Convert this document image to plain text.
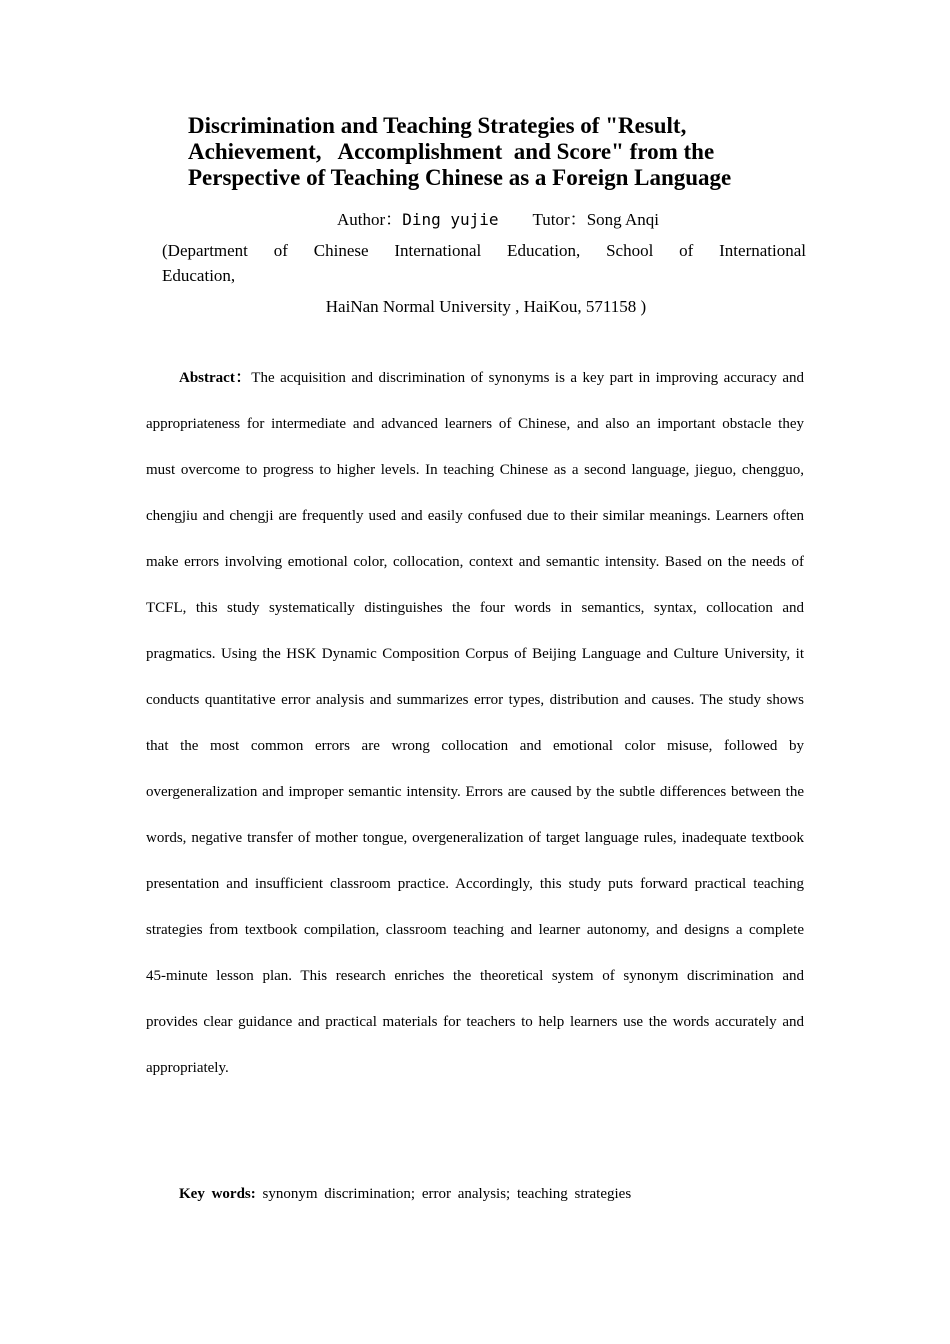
Discrimination and Teaching Strategies of "Result,
Achievement,   Accomplishment  and Score" from the
Perspective of Teaching Chinese as a Foreign Language
Author：Ding yujie Tutor：Song Anqi
(Department of Chinese International Education, School of International
Education,
HaiNan Normal University , HaiKou, 571158 )

Abstract：The acquisition and discrimination of synonyms is a key part in improving accuracy and appropriateness for intermediate and advanced learners of Chinese, and also an important obstacle they must overcome to progress to higher levels. In teaching Chinese as a second language, jieguo, chengguo, chengjiu and chengji are frequently used and easily confused due to their similar meanings. Learners often make errors involving emotional color, collocation, context and semantic intensity. Based on the needs of TCFL, this study systematically distinguishes the four words in semantics, syntax, collocation and pragmatics. Using the HSK Dynamic Composition Corpus of Beijing Language and Culture University, it conducts quantitative error analysis and summarizes error types, distribution and causes. The study shows that the most common errors are wrong collocation and emotional color misuse, followed by overgeneralization and improper semantic intensity. Errors are caused by the subtle differences between the words, negative transfer of mother tongue, overgeneralization of target language rules, inadequate textbook presentation and insufficient classroom practice. Accordingly, this study puts forward practical teaching strategies from textbook compilation, classroom teaching and learner autonomy, and designs a complete 45-minute lesson plan. This research enriches the theoretical system of synonym discrimination and provides clear guidance and practical materials for teachers to help learners use the words accurately and appropriately.

Key words: synonym discrimination; error analysis; teaching strategies
